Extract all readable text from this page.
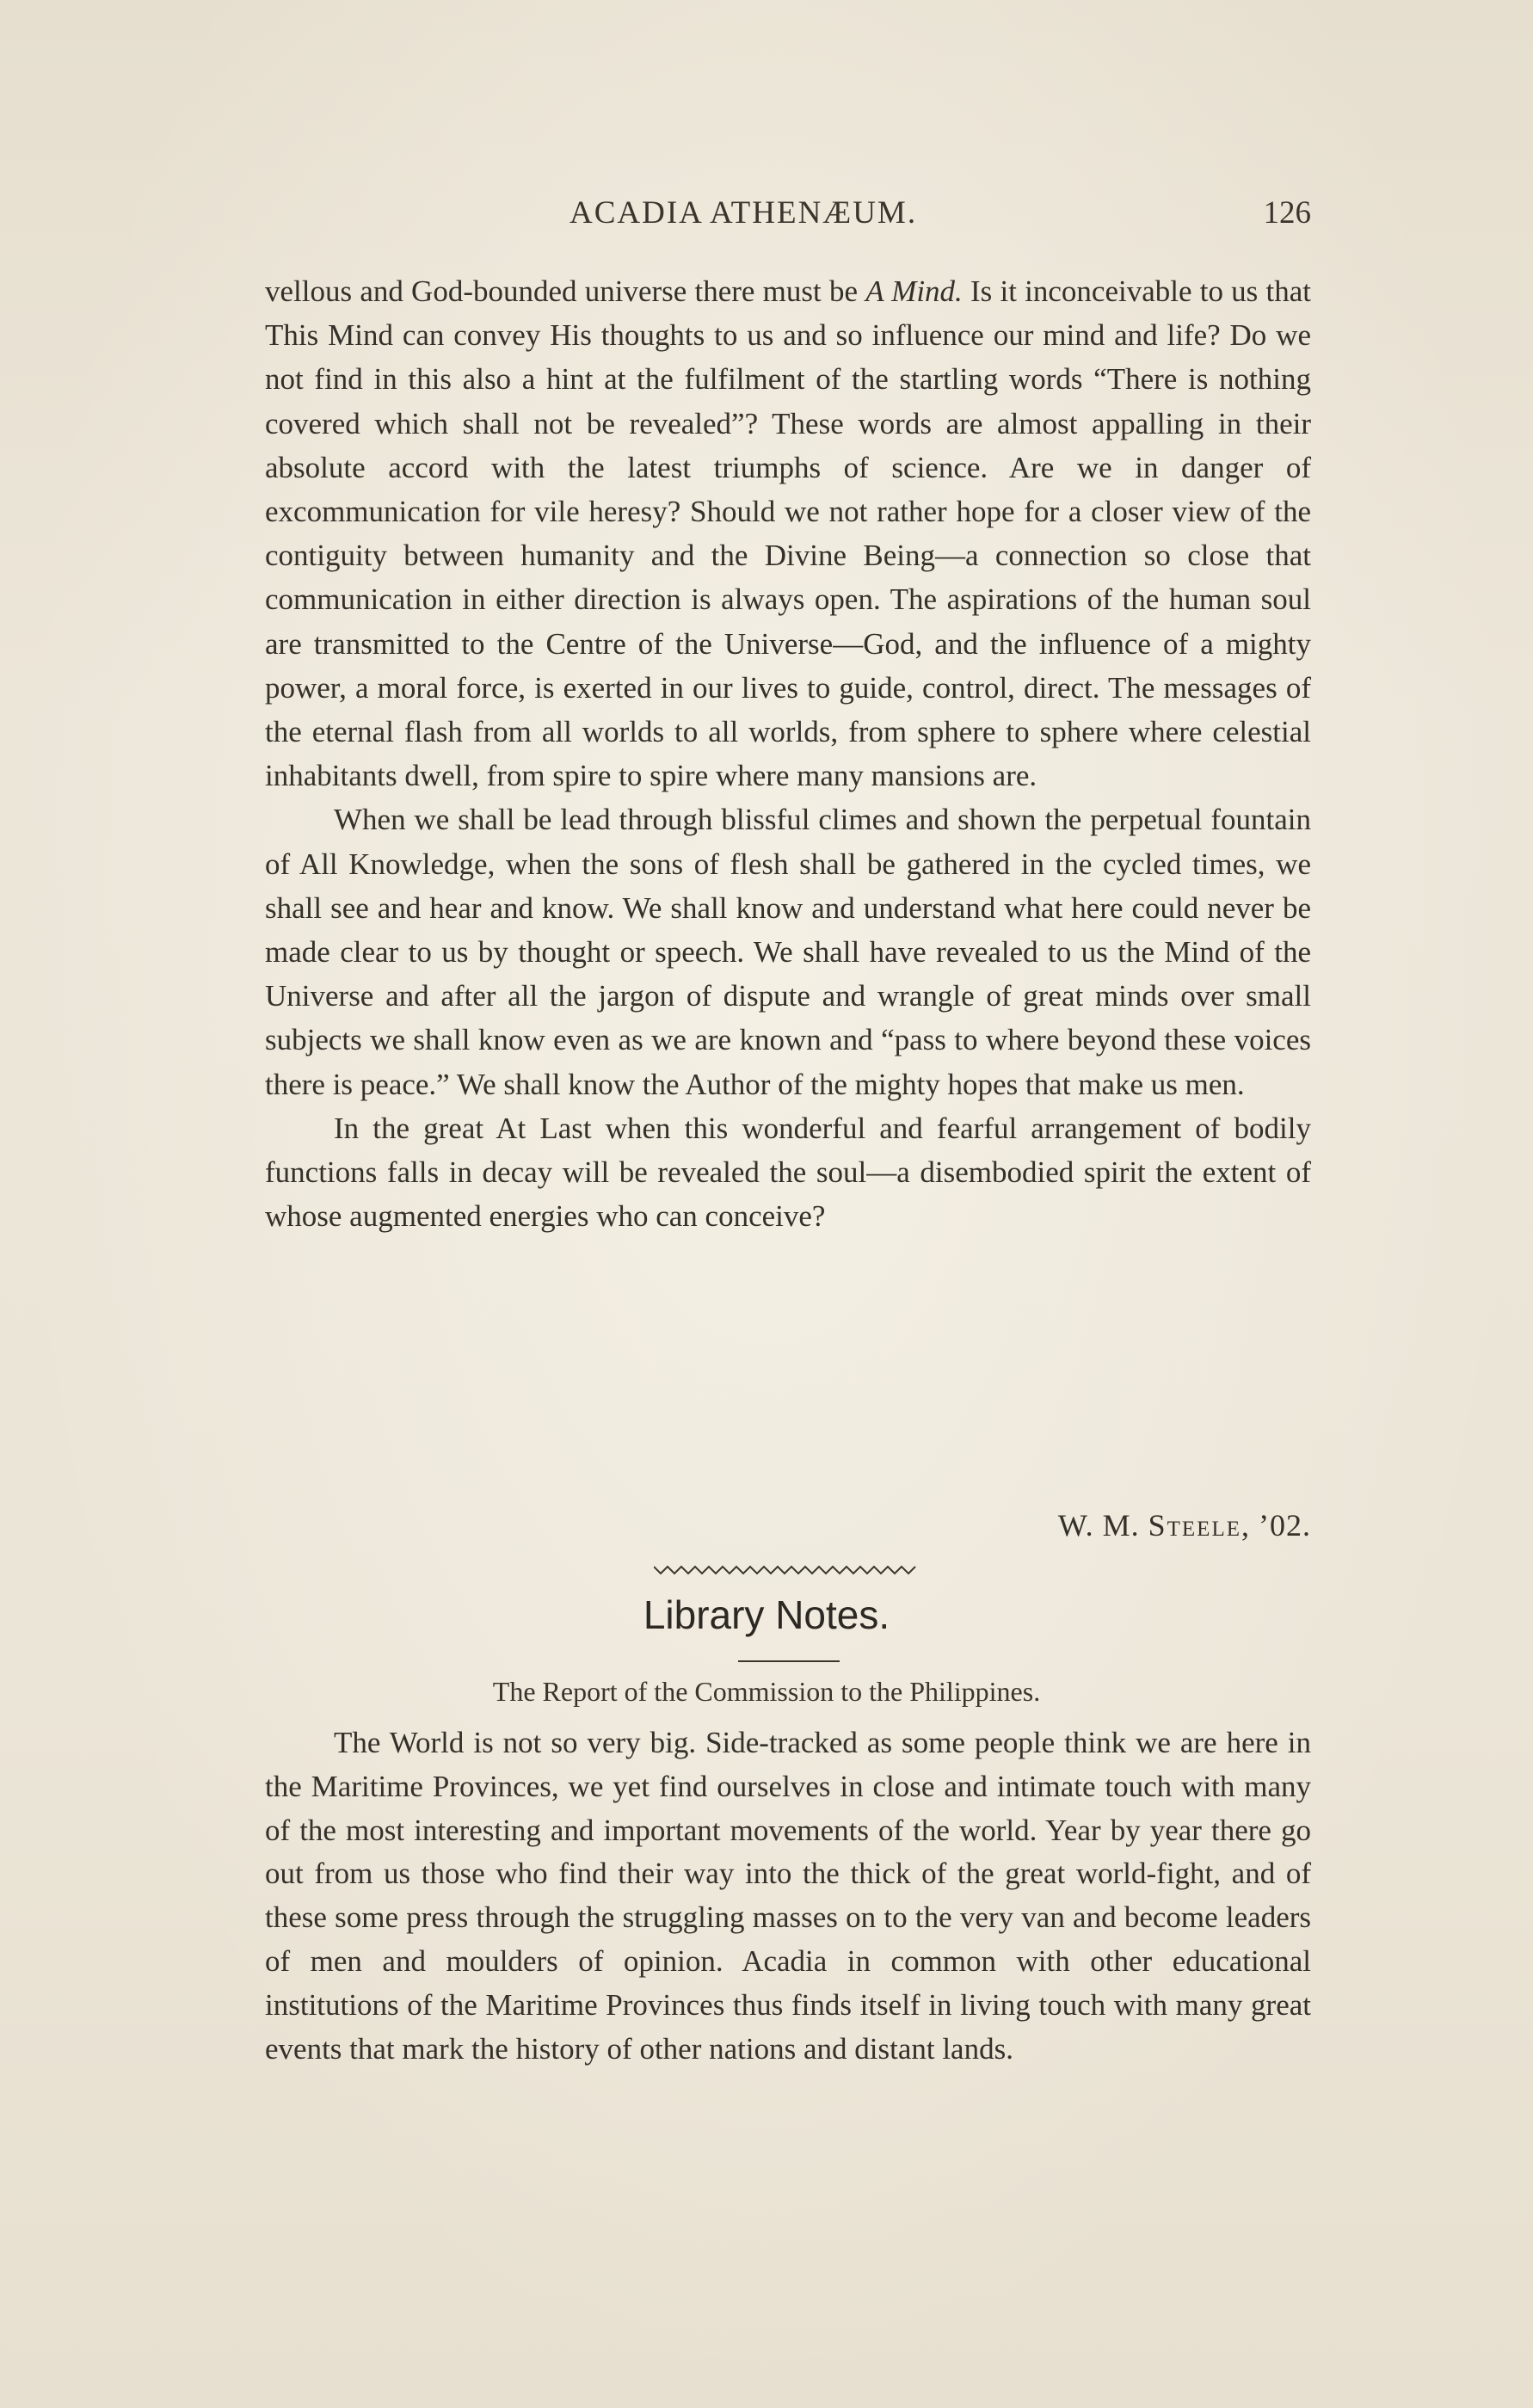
ACADIA ATHENÆUM.	126

vellous and God-bounded universe there must be A Mind. Is it inconceivable to us that This Mind can convey His thoughts to us and so influence our mind and life? Do we not find in this also a hint at the fulfilment of the startling words “There is nothing covered which shall not be revealed”? These words are almost appalling in their absolute accord with the latest triumphs of science. Are we in danger of excommunication for vile heresy? Should we not rather hope for a closer view of the contiguity between humanity and the Divine Being—a connection so close that communication in either direction is always open. The aspirations of the human soul are transmitted to the Centre of the Universe—God, and the influence of a mighty power, a moral force, is exerted in our lives to guide, control, direct. The messages of the eternal flash from all worlds to all worlds, from sphere to sphere where celestial inhabitants dwell, from spire to spire where many mansions are.

When we shall be lead through blissful climes and shown the perpetual fountain of All Knowledge, when the sons of flesh shall be gathered in the cycled times, we shall see and hear and know. We shall know and understand what here could never be made clear to us by thought or speech. We shall have revealed to us the Mind of the Universe and after all the jargon of dispute and wrangle of great minds over small subjects we shall know even as we are known and “pass to where beyond these voices there is peace.” We shall know the Author of the mighty hopes that make us men.

In the great At Last when this wonderful and fearful arrangement of bodily functions falls in decay will be revealed the soul—a disembodied spirit the extent of whose augmented energies who can conceive?

W. M. Steele, ’02.
Library Notes.
The Report of the Commission to the Philippines.

The World is not so very big. Side-tracked as some people think we are here in the Maritime Provinces, we yet find ourselves in close and intimate touch with many of the most interesting and important movements of the world. Year by year there go out from us those who find their way into the thick of the great world-fight, and of these some press through the struggling masses on to the very van and become leaders of men and moulders of opinion. Acadia in common with other educational institutions of the Maritime Provinces thus finds itself in living touch with many great events that mark the history of other nations and distant lands.
